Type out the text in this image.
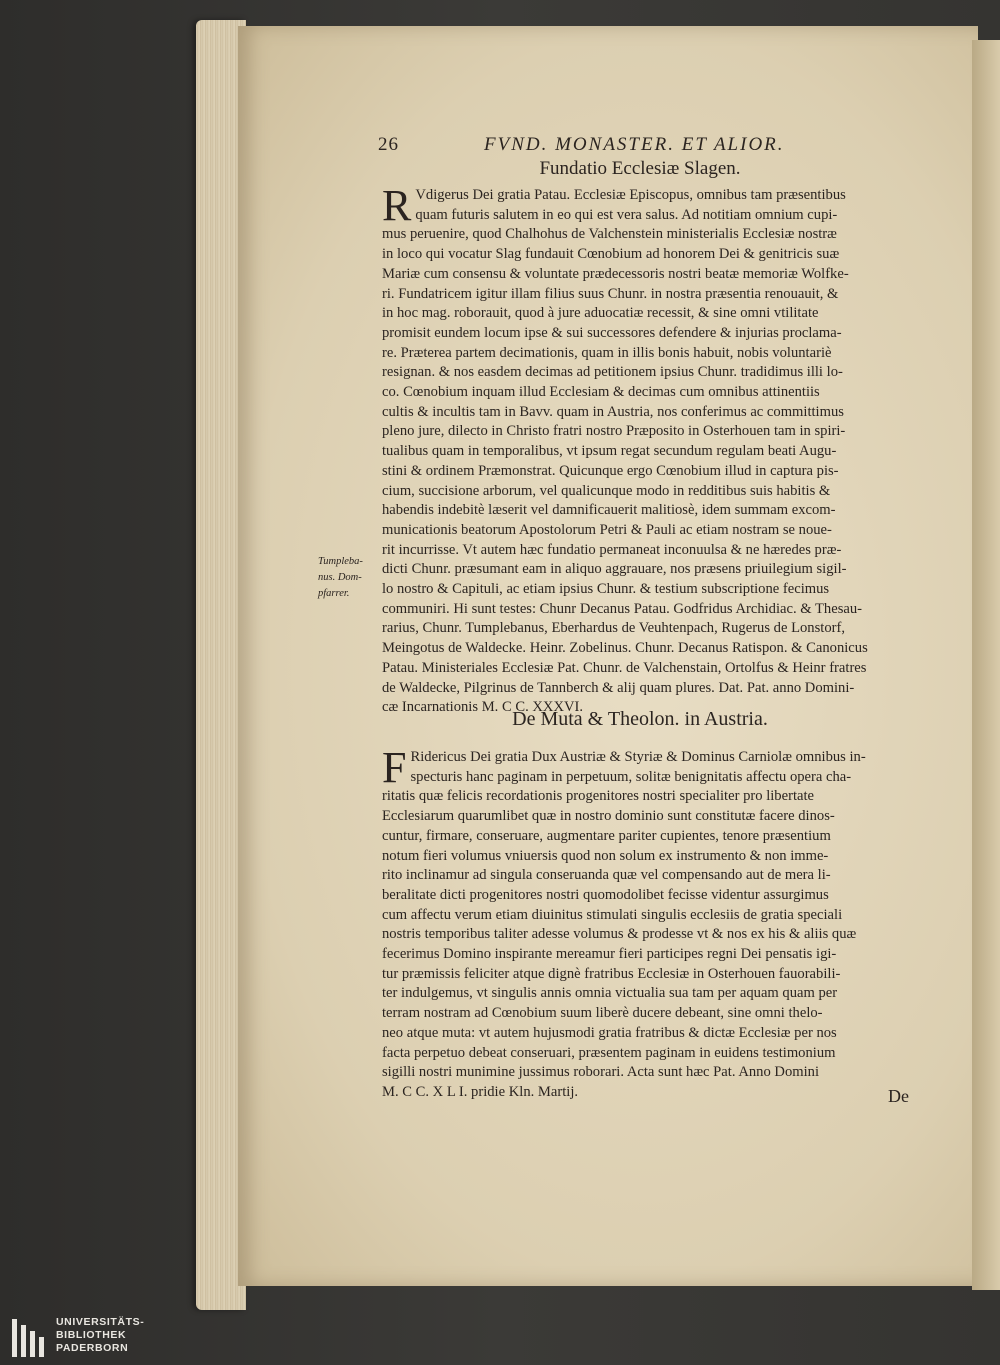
26	FVND. MONASTER. ET ALIOR.
Fundatio Ecclesiæ Slagen.
R Vdigerus Dei gratia Patau. Ecclesiæ Episcopus, omnibus tam præsentibus
quam futuris salutem in eo qui est vera salus. Ad notitiam omnium cupi-
mus peruenire, quod Chalhohus de Valchenstein ministerialis Ecclesiæ nostræ
in loco qui vocatur Slag fundauit Cœnobium ad honorem Dei & genitricis suæ
Mariæ cum consensu & voluntate prædecessoris nostri beatæ memoriæ Wolfke-
ri. Fundatricem igitur illam filius suus Chunr. in nostra præsentia renouauit, &
in hoc mag. roborauit, quod à jure aduocatiæ recessit, & sine omni vtilitate
promisit eundem locum ipse & sui successores defendere & injurias proclama-
re. Præterea partem decimationis, quam in illis bonis habuit, nobis voluntariè
resignan. & nos easdem decimas ad petitionem ipsius Chunr. tradidimus illi lo-
co. Cœnobium inquam illud Ecclesiam & decimas cum omnibus attinentiis
cultis & incultis tam in Bavv. quam in Austria, nos conferimus ac committimus
pleno jure, dilecto in Christo fratri nostro Præposito in Osterhouen tam in spiri-
tualibus quam in temporalibus, vt ipsum regat secundum regulam beati Augu-
stini & ordinem Præmonstrat. Quicunque ergo Cœnobium illud in captura pis-
cium, succisione arborum, vel qualicunque modo in redditibus suis habitis &
habendis indebitè læserit vel damnificauerit malitiosè, idem summam excom-
municationis beatorum Apostolorum Petri & Pauli ac etiam nostram se noue-
rit incurrisse. Vt autem hæc fundatio permaneat inconuulsa & ne hæredes præ-
dicti Chunr. præsumant eam in aliquo aggrauare, nos præsens priuilegium sigil-
lo nostro & Capituli, ac etiam ipsius Chunr. & testium subscriptione fecimus
communiri. Hi sunt testes: Chunr Decanus Patau. Godfridus Archidiac. & Thesau-
rarius, Chunr. Tumplebanus, Eberhardus de Veuhtenpach, Rugerus de Lonstorf,
Meingotus de Waldecke. Heinr. Zobelinus. Chunr. Decanus Ratispon. & Canonicus
Patau. Ministeriales Ecclesiæ Pat. Chunr. de Valchenstain, Ortolfus & Heinr fratres
de Waldecke, Pilgrinus de Tannberch & alij quam plures. Dat. Pat. anno Domini-
cæ Incarnationis M. C C. XXXVI.
Tumpleba-nus. Dom-pfarrer.
De Muta & Theolon. in Austria.
F Ridericus Dei gratia Dux Austriæ & Styriæ & Dominus Carniolæ omnibus in-
specturis hanc paginam in perpetuum, solitæ benignitatis affectu opera cha-
ritatis quæ felicis recordationis progenitores nostri specialiter pro libertate
Ecclesiarum quarumlibet quæ in nostro dominio sunt constitutæ facere dinos-
cuntur, firmare, conseruare, augmentare pariter cupientes, tenore præsentium
notum fieri volumus vniuersis quod non solum ex instrumento & non imme-
rito inclinamur ad singula conseruanda quæ vel compensando aut de mera li-
beralitate dicti progenitores nostri quomodolibet fecisse videntur assurgimus
cum affectu verum etiam diuinitus stimulati singulis ecclesiis de gratia speciali
nostris temporibus taliter adesse volumus & prodesse vt & nos ex his & aliis quæ
fecerimus Domino inspirante mereamur fieri participes regni Dei pensatis igi-
tur præmissis feliciter atque dignè fratribus Ecclesiæ in Osterhouen fauorabili-
ter indulgemus, vt singulis annis omnia victualia sua tam per aquam quam per
terram nostram ad Cœnobium suum liberè ducere debeant, sine omni thelo-
neo atque muta: vt autem hujusmodi gratia fratribus & dictæ Ecclesiæ per nos
facta perpetuo debeat conseruari, præsentem paginam in euidens testimonium
sigilli nostri munimine jussimus roborari. Acta sunt hæc Pat. Anno Domini
M. C C. X L I. pridie Kln. Martij.	De
UNIVERSITÄTS-
BIBLIOTHEK
PADERBORN
